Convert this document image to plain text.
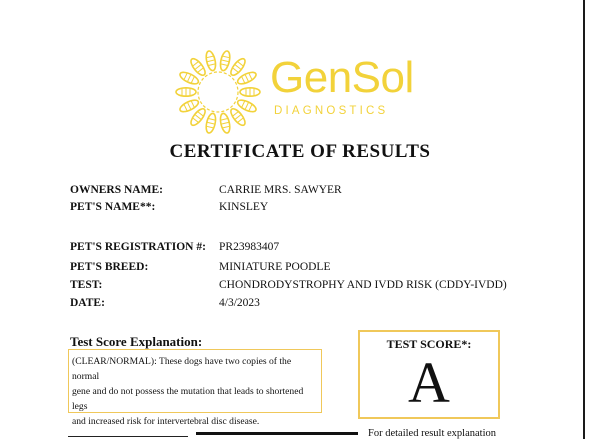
GenSol
DIAGNOSTICS
CERTIFICATE OF RESULTS
OWNERS NAME:	CARRIE MRS. SAWYER
PET'S NAME**:	KINSLEY
PET'S REGISTRATION #: PR23983407
PET'S BREED:	MINIATURE POODLE
TEST:	CHONDRODYSTROPHY AND IVDD RISK (CDDY-IVDD)
DATE:	4/3/2023
Test Score Explanation:
(CLEAR/NORMAL): These dogs have two copies of the normal
gene and do not possess the mutation that leads to shortened legs
and increased risk for intervertebral disc disease.
TEST SCORE*:
A
For detailed result explanation
